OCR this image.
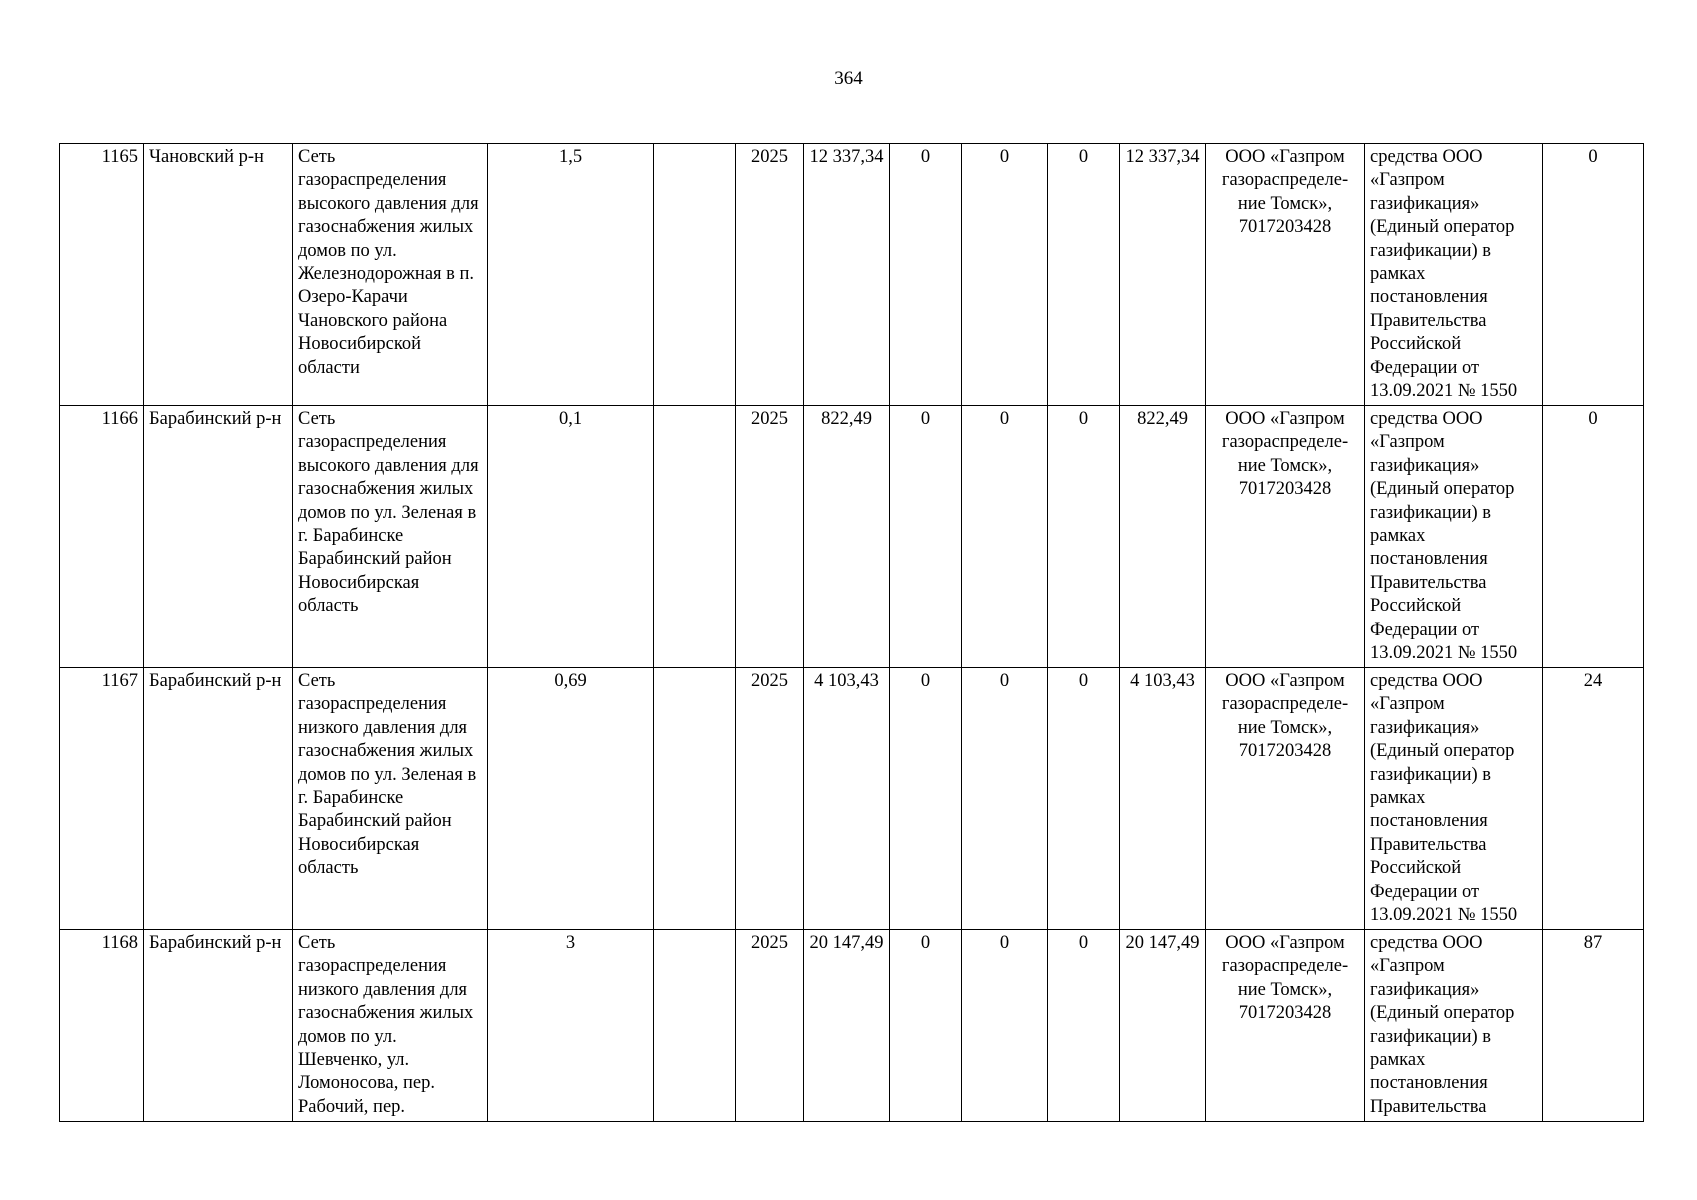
364
1165	Чановский р-н	Сеть газораспределения высокого давления для газоснабжения жилых домов по ул. Железнодорожная в п. Озеро-Карачи Чановского района Новосибирской области	1,5		2025	12 337,34	0	0	0	12 337,34	ООО «Газпром газораспределе-ние Томск», 7017203428	средства ООО «Газпром газификация» (Единый оператор газификации) в рамках постановления Правительства Российской Федерации от 13.09.2021 № 1550	0
1166	Барабинский р-н	Сеть газораспределения высокого давления для газоснабжения жилых домов по ул. Зеленая в г. Барабинске Барабинский район Новосибирская область	0,1		2025	822,49	0	0	0	822,49	ООО «Газпром газораспределе-ние Томск», 7017203428	средства ООО «Газпром газификация» (Единый оператор газификации) в рамках постановления Правительства Российской Федерации от 13.09.2021 № 1550	0
1167	Барабинский р-н	Сеть газораспределения низкого давления для газоснабжения жилых домов по ул. Зеленая в г. Барабинске Барабинский район Новосибирская область	0,69		2025	4 103,43	0	0	0	4 103,43	ООО «Газпром газораспределе-ние Томск», 7017203428	средства ООО «Газпром газификация» (Единый оператор газификации) в рамках постановления Правительства Российской Федерации от 13.09.2021 № 1550	24
1168	Барабинский р-н	Сеть газораспределения низкого давления для газоснабжения жилых домов по ул. Шевченко, ул. Ломоносова, пер. Рабочий, пер.	3		2025	20 147,49	0	0	0	20 147,49	ООО «Газпром газораспределе-ние Томск», 7017203428	средства ООО «Газпром газификация» (Единый оператор газификации) в рамках постановления Правительства	87
